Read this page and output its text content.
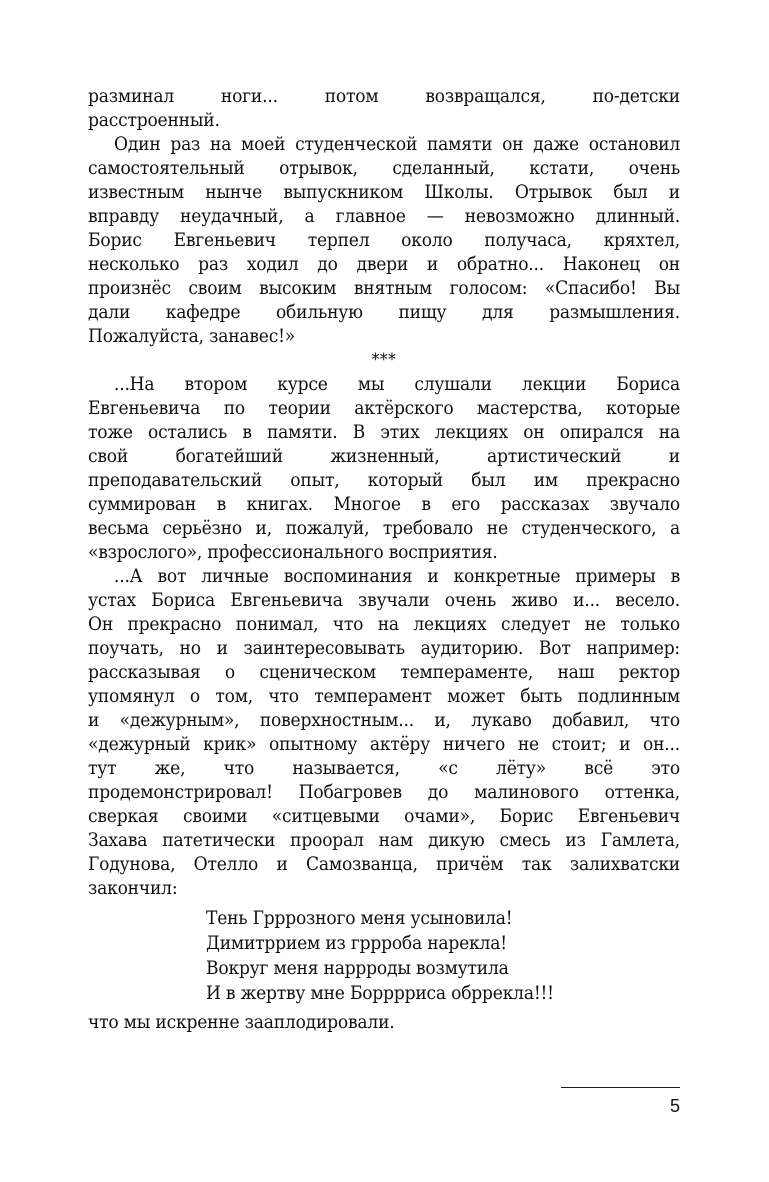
разминал ноги... потом возвращался, по-детски
расстроенный.
Один раз на моей студенческой памяти он даже остановил
самостоятельный отрывок, сделанный, кстати, очень
известным нынче выпускником Школы. Отрывок был и
вправду неудачный, а главное — невозможно длинный.
Борис Евгеньевич терпел около получаса, кряхтел,
несколько раз ходил до двери и обратно... Наконец он
произнёс своим высоким внятным голосом: «Спасибо! Вы
дали кафедре обильную пищу для размышления.
Пожалуйста, занавес!»
***
...На втором курсе мы слушали лекции Бориса
Евгеньевича по теории актёрского мастерства, которые
тоже остались в памяти. В этих лекциях он опирался на
свой богатейший жизненный, артистический и
преподавательский опыт, который был им прекрасно
суммирован в книгах. Многое в его рассказах звучало
весьма серьёзно и, пожалуй, требовало не студенческого, а
«взрослого», профессионального восприятия.
...А вот личные воспоминания и конкретные примеры в
устах Бориса Евгеньевича звучали очень живо и... весело.
Он прекрасно понимал, что на лекциях следует не только
поучать, но и заинтересовывать аудиторию. Вот например:
рассказывая о сценическом темпераменте, наш ректор
упомянул о том, что темперамент может быть подлинным
и «дежурным», поверхностным... и, лукаво добавил, что
«дежурный крик» опытному актёру ничего не стоит; и он...
тут же, что называется, «с лёту» всё это
продемонстрировал! Побагровев до малинового оттенка,
сверкая своими «ситцевыми очами», Борис Евгеньевич
Захава патетически проорал нам дикую смесь из Гамлета,
Годунова, Отелло и Самозванца, причём так залихватски
закончил:
Тень Грррозного меня усыновила!
Димитррием из гррроба нарекла!
Вокруг меня наррроды возмутила
И в жертву мне Борррриса обррекла!!!
что мы искренне зааплодировали.
5
